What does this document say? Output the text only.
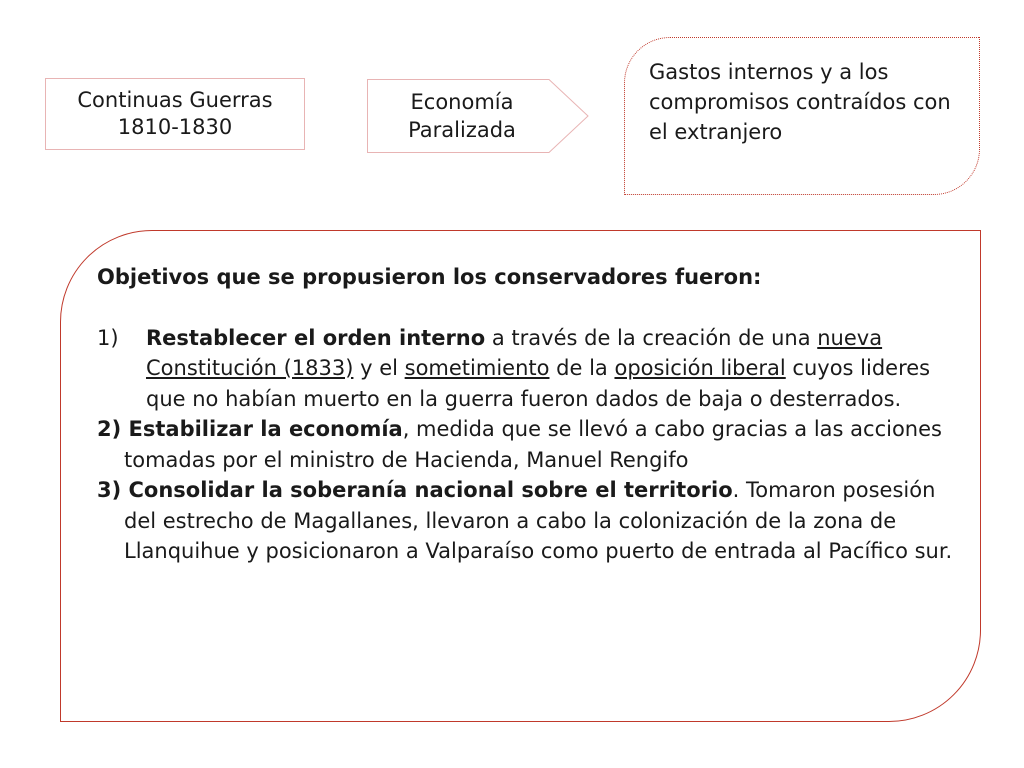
Continuas Guerras
1810-1830
Economía
Paralizada
Gastos internos y a los compromisos contraídos con el extranjero

Objetivos que se propusieron los conservadores fueron:

1) Restablecer el orden interno a través de la creación de una nueva Constitución (1833) y el sometimiento de la oposición liberal cuyos lideres que no habían muerto en la guerra fueron dados de baja o desterrados.

2) Estabilizar la economía, medida que se llevó a cabo gracias a las acciones tomadas por el ministro de Hacienda, Manuel Rengifo

3) Consolidar la soberanía nacional sobre el territorio. Tomaron posesión del estrecho de Magallanes, llevaron a cabo la colonización de la zona de Llanquihue y posicionaron a Valparaíso como puerto de entrada al Pacífico sur.
